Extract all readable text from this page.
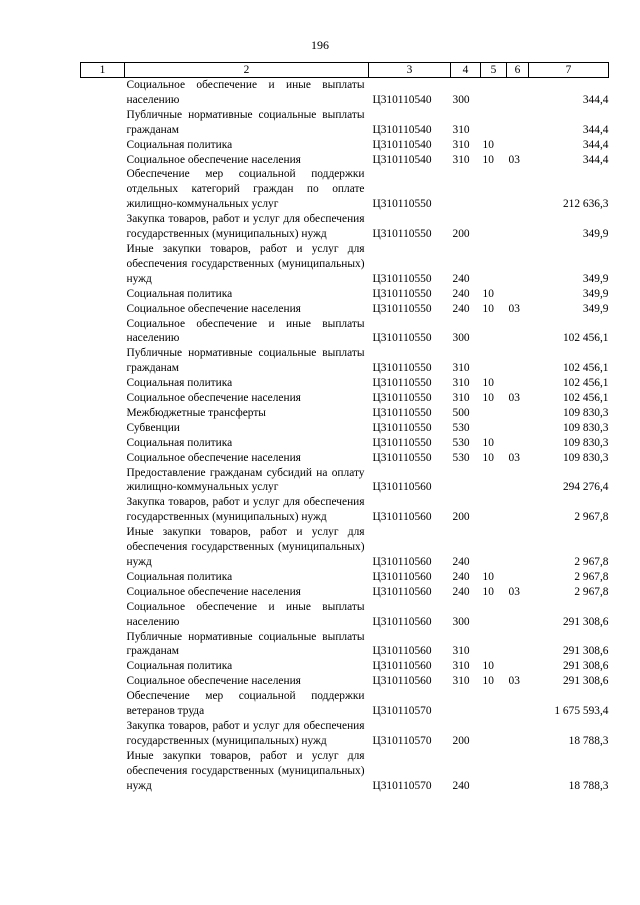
196
1	2	3	4	5	6	7
	Социальное обеспечение и иные выплаты населению	Ц310110540	300			344,4
	Публичные нормативные социальные выплаты гражданам	Ц310110540	310			344,4
	Социальная политика	Ц310110540	310	10		344,4
	Социальное обеспечение населения	Ц310110540	310	10	03	344,4
	Обеспечение мер социальной поддержки отдельных категорий граждан по оплате жилищно-коммунальных услуг	Ц310110550				212 636,3
	Закупка товаров, работ и услуг для обеспечения государственных (муниципальных) нужд	Ц310110550	200			349,9
	Иные закупки товаров, работ и услуг для обеспечения государственных (муниципальных) нужд	Ц310110550	240			349,9
	Социальная политика	Ц310110550	240	10		349,9
	Социальное обеспечение населения	Ц310110550	240	10	03	349,9
	Социальное обеспечение и иные выплаты населению	Ц310110550	300			102 456,1
	Публичные нормативные социальные выплаты гражданам	Ц310110550	310			102 456,1
	Социальная политика	Ц310110550	310	10		102 456,1
	Социальное обеспечение населения	Ц310110550	310	10	03	102 456,1
	Межбюджетные трансферты	Ц310110550	500			109 830,3
	Субвенции	Ц310110550	530			109 830,3
	Социальная политика	Ц310110550	530	10		109 830,3
	Социальное обеспечение населения	Ц310110550	530	10	03	109 830,3
	Предоставление гражданам субсидий на оплату жилищно-коммунальных услуг	Ц310110560				294 276,4
	Закупка товаров, работ и услуг для обеспечения государственных (муниципальных) нужд	Ц310110560	200			2 967,8
	Иные закупки товаров, работ и услуг для обеспечения государственных (муниципальных) нужд	Ц310110560	240			2 967,8
	Социальная политика	Ц310110560	240	10		2 967,8
	Социальное обеспечение населения	Ц310110560	240	10	03	2 967,8
	Социальное обеспечение и иные выплаты населению	Ц310110560	300			291 308,6
	Публичные нормативные социальные выплаты гражданам	Ц310110560	310			291 308,6
	Социальная политика	Ц310110560	310	10		291 308,6
	Социальное обеспечение населения	Ц310110560	310	10	03	291 308,6
	Обеспечение мер социальной поддержки ветеранов труда	Ц310110570				1 675 593,4
	Закупка товаров, работ и услуг для обеспечения государственных (муниципальных) нужд	Ц310110570	200			18 788,3
	Иные закупки товаров, работ и услуг для обеспечения государственных (муниципальных) нужд	Ц310110570	240			18 788,3
